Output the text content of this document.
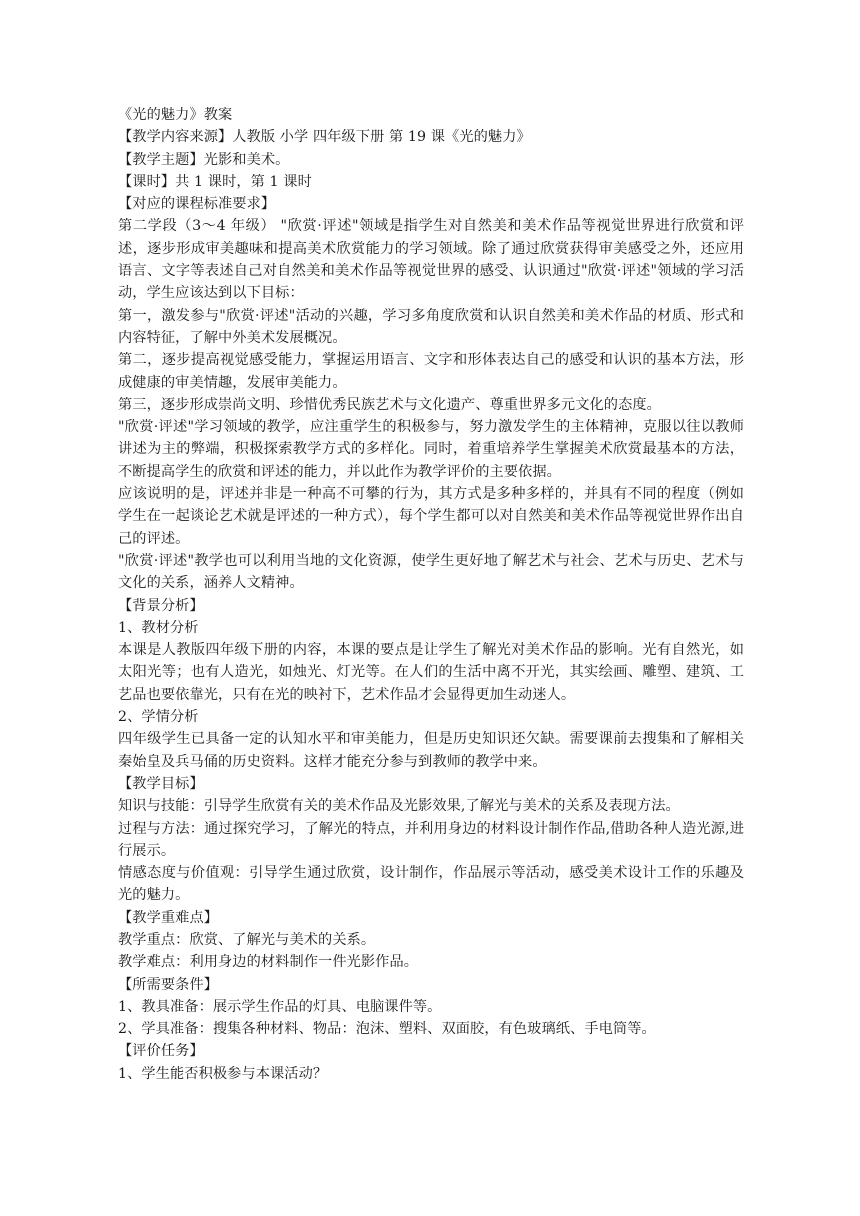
《光的魅力》教案

【教学内容来源】人教版 小学 四年级下册 第 19 课《光的魅力》

【教学主题】光影和美术。

【课时】共 1 课时，第 1 课时

【对应的课程标准要求】

第二学段（3～4 年级） "欣赏·评述"领域是指学生对自然美和美术作品等视觉世界进行欣赏和评述，逐步形成审美趣味和提高美术欣赏能力的学习领域。除了通过欣赏获得审美感受之外，还应用语言、文字等表述自己对自然美和美术作品等视觉世界的感受、认识通过"欣赏·评述"领域的学习活动，学生应该达到以下目标：

第一，激发参与"欣赏·评述"活动的兴趣，学习多角度欣赏和认识自然美和美术作品的材质、形式和内容特征，了解中外美术发展概况。

第二，逐步提高视觉感受能力，掌握运用语言、文字和形体表达自己的感受和认识的基本方法，形成健康的审美情趣，发展审美能力。

第三，逐步形成崇尚文明、珍惜优秀民族艺术与文化遗产、尊重世界多元文化的态度。

"欣赏·评述"学习领域的教学，应注重学生的积极参与，努力激发学生的主体精神，克服以往以教师讲述为主的弊端，积极探索教学方式的多样化。同时，着重培养学生掌握美术欣赏最基本的方法，不断提高学生的欣赏和评述的能力，并以此作为教学评价的主要依据。

应该说明的是，评述并非是一种高不可攀的行为，其方式是多种多样的，并具有不同的程度（例如学生在一起谈论艺术就是评述的一种方式），每个学生都可以对自然美和美术作品等视觉世界作出自己的评述。

"欣赏·评述"教学也可以利用当地的文化资源，使学生更好地了解艺术与社会、艺术与历史、艺术与文化的关系，涵养人文精神。

【背景分析】

1、教材分析

本课是人教版四年级下册的内容，本课的要点是让学生了解光对美术作品的影响。光有自然光，如太阳光等；也有人造光，如烛光、灯光等。在人们的生活中离不开光，其实绘画、雕塑、建筑、工艺品也要依靠光，只有在光的映衬下，艺术作品才会显得更加生动迷人。

2、学情分析

四年级学生已具备一定的认知水平和审美能力，但是历史知识还欠缺。需要课前去搜集和了解相关秦始皇及兵马俑的历史资料。这样才能充分参与到教师的教学中来。

【教学目标】

知识与技能：引导学生欣赏有关的美术作品及光影效果,了解光与美术的关系及表现方法。

过程与方法：通过探究学习，了解光的特点，并利用身边的材料设计制作作品,借助各种人造光源,进行展示。

情感态度与价值观：引导学生通过欣赏，设计制作，作品展示等活动，感受美术设计工作的乐趣及光的魅力。

【教学重难点】

教学重点：欣赏、了解光与美术的关系。

教学难点：利用身边的材料制作一件光影作品。

【所需要条件】

1、教具准备：展示学生作品的灯具、电脑课件等。

2、学具准备：搜集各种材料、物品：泡沫、塑料、双面胶，有色玻璃纸、手电筒等。

【评价任务】

1、学生能否积极参与本课活动？
